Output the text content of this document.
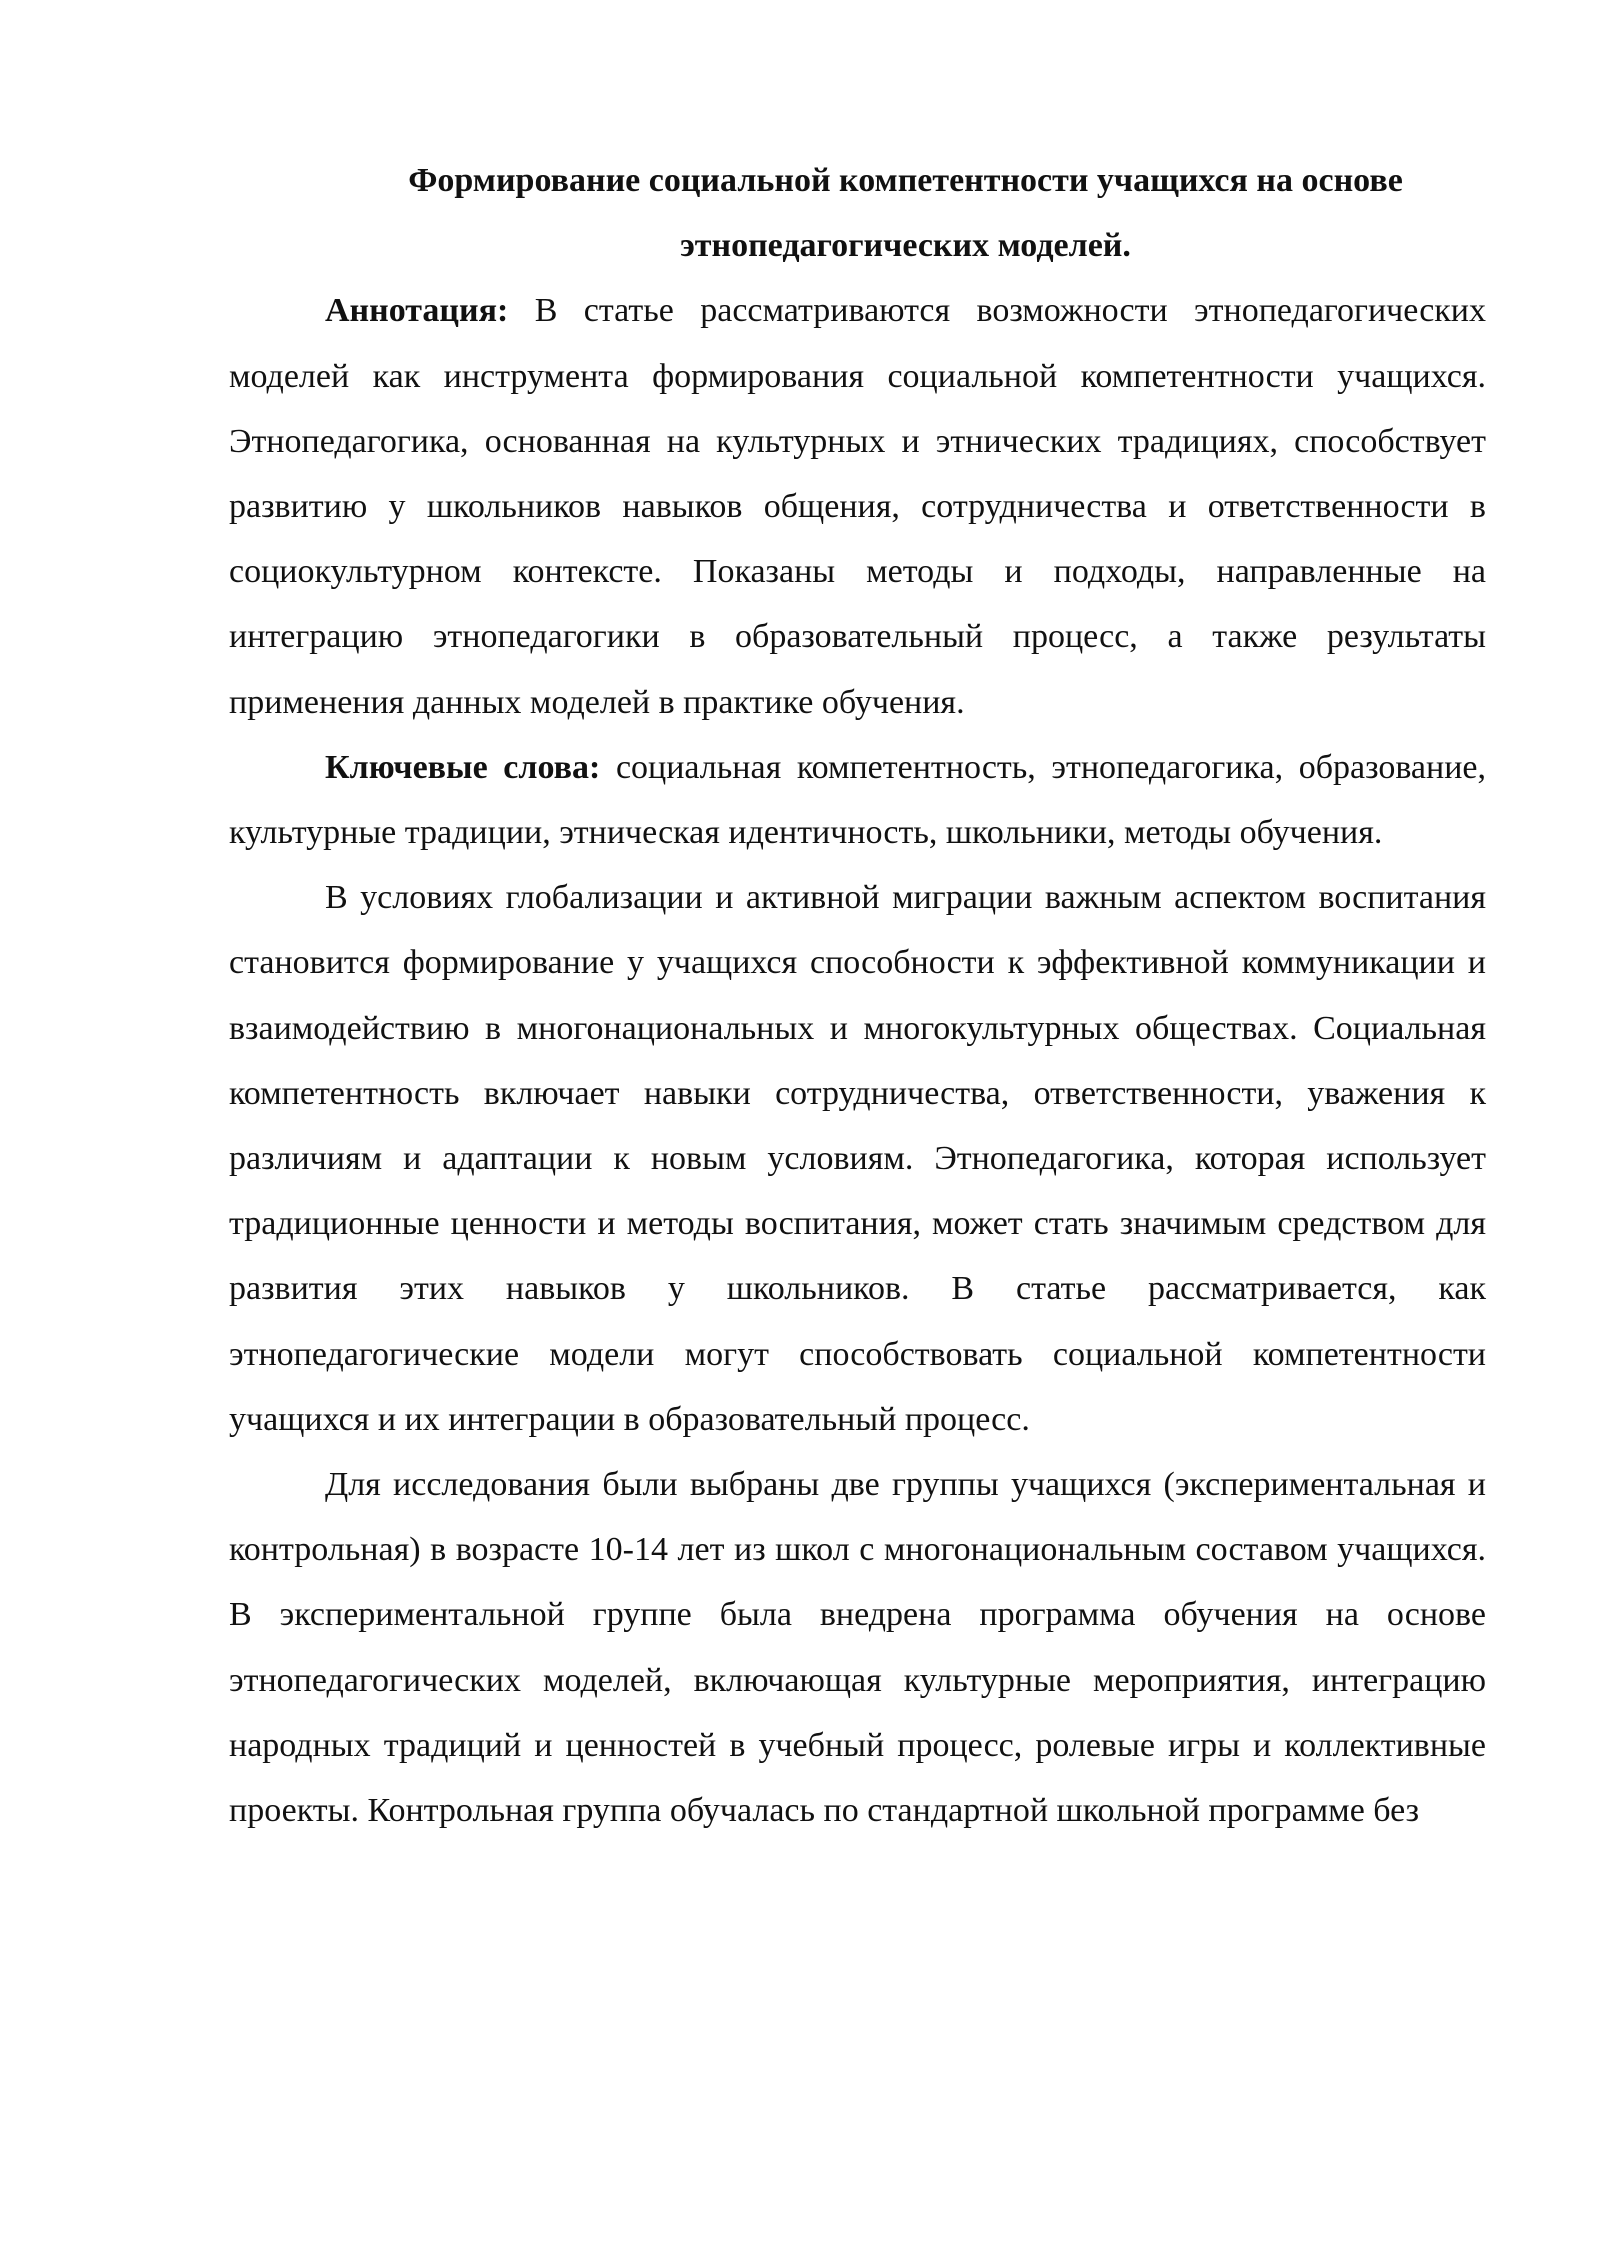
Формирование социальной компетентности учащихся на основе
этнопедагогических моделей.

Аннотация: В статье рассматриваются возможности этнопедагогических моделей как инструмента формирования социальной компетентности учащихся. Этнопедагогика, основанная на культурных и этнических традициях, способствует развитию у школьников навыков общения, сотрудничества и ответственности в социокультурном контексте. Показаны методы и подходы, направленные на интеграцию этнопедагогики в образовательный процесс, а также результаты применения данных моделей в практике обучения.

Ключевые слова: социальная компетентность, этнопедагогика, образование, культурные традиции, этническая идентичность, школьники, методы обучения.

В условиях глобализации и активной миграции важным аспектом воспитания становится формирование у учащихся способности к эффективной коммуникации и взаимодействию в многонациональных и многокультурных обществах. Социальная компетентность включает навыки сотрудничества, ответственности, уважения к различиям и адаптации к новым условиям. Этнопедагогика, которая использует традиционные ценности и методы воспитания, может стать значимым средством для развития этих навыков у школьников. В статье рассматривается, как этнопедагогические модели могут способствовать социальной компетентности учащихся и их интеграции в образовательный процесс.

Для исследования были выбраны две группы учащихся (экспериментальная и контрольная) в возрасте 10-14 лет из школ с многонациональным составом учащихся. В экспериментальной группе была внедрена программа обучения на основе этнопедагогических моделей, включающая культурные мероприятия, интеграцию народных традиций и ценностей в учебный процесс, ролевые игры и коллективные проекты. Контрольная группа обучалась по стандартной школьной программе без
